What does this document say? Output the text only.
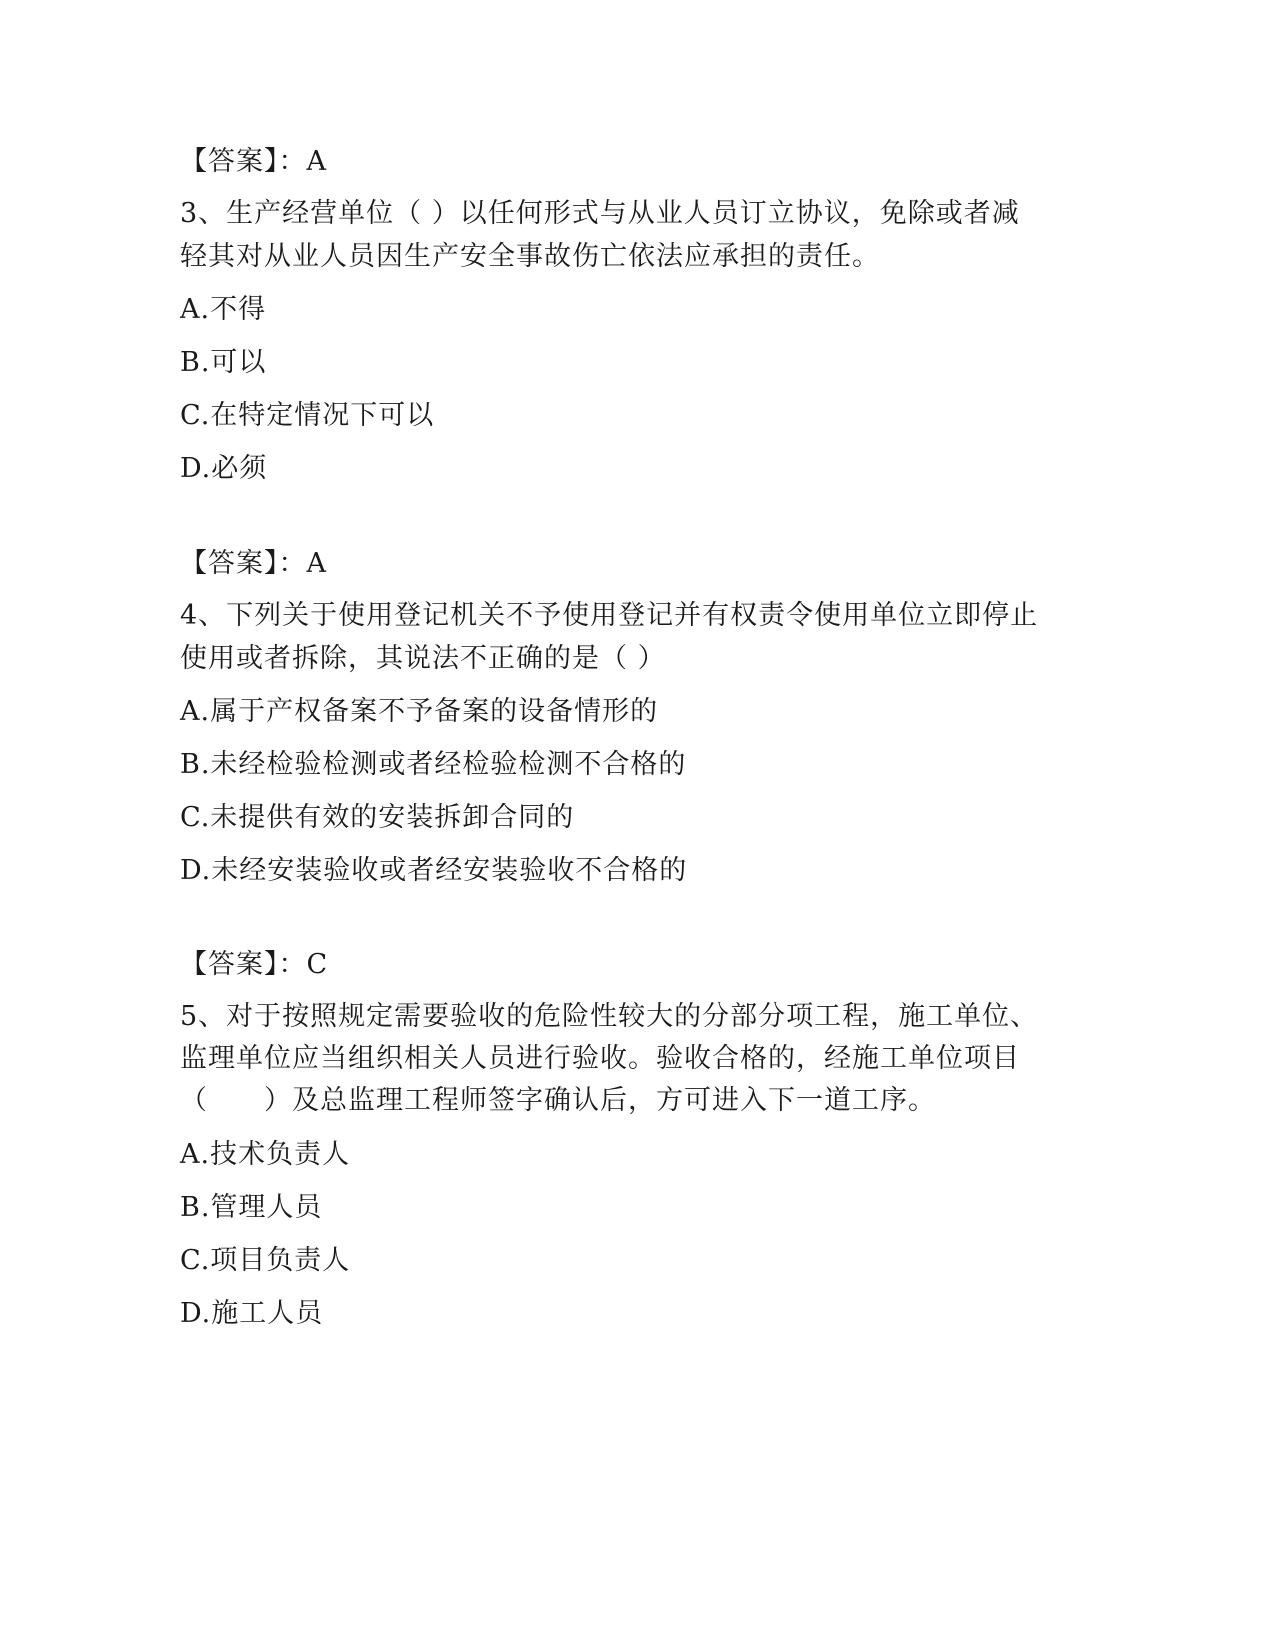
【答案】：A
3、生产经营单位（ ）以任何形式与从业人员订立协议，免除或者减
轻其对从业人员因生产安全事故伤亡依法应承担的责任。
A.不得
B.可以
C.在特定情况下可以
D.必须
【答案】：A
4、下列关于使用登记机关不予使用登记并有权责令使用单位立即停止
使用或者拆除，其说法不正确的是（ ）
A.属于产权备案不予备案的设备情形的
B.未经检验检测或者经检验检测不合格的
C.未提供有效的安装拆卸合同的
D.未经安装验收或者经安装验收不合格的
【答案】：C
5、对于按照规定需要验收的危险性较大的分部分项工程，施工单位、
监理单位应当组织相关人员进行验收。验收合格的，经施工单位项目
（　　）及总监理工程师签字确认后，方可进入下一道工序。
A.技术负责人
B.管理人员
C.项目负责人
D.施工人员
